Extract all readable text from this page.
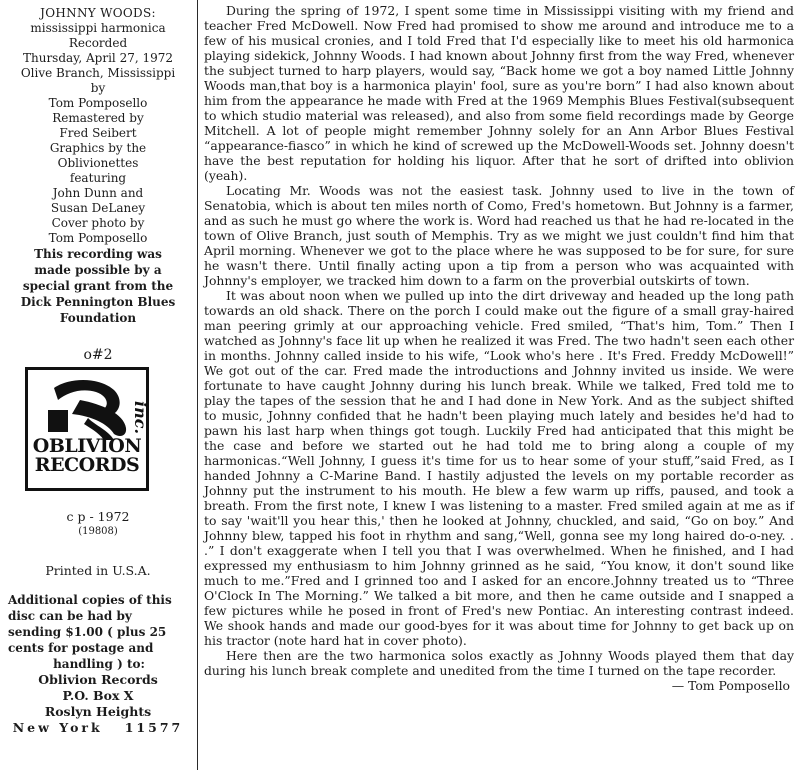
JOHNNY WOODS:
mississippi harmonica
Recorded
Thursday, April 27, 1972
Olive Branch, Mississippi
by
Tom Pomposello
Remastered by
Fred Seibert
Graphics by the
Oblivionettes
featuring
John Dunn and
Susan DeLaney
Cover photo by
Tom Pomposello
This recording was
made possible by a
special grant from the
Dick Pennington Blues
Foundation
o#2
OBLIVION
RECORDS
inc.
c p - 1972
(19808)
Printed in U.S.A.
Additional copies of this
disc can be had by
sending $1.00 ( plus 25
cents for postage and
handling ) to:
Oblivion Records
P.O. Box X
Roslyn Heights
New York 11577

During the spring of 1972, I spent some time in Mississippi visiting with my friend and teacher Fred McDowell. Now Fred had promised to show me around and introduce me to a few of his musical cronies, and I told Fred that I'd especially like to meet his old harmonica playing sidekick, Johnny Woods. I had known about Johnny first from the way Fred, whenever the subject turned to harp players, would say, “Back home we got a boy named Little Johnny Woods man,that boy is a harmonica playin' fool, sure as you're born” I had also known about him from the appearance he made with Fred at the 1969 Memphis Blues Festival(subsequent to which studio material was released), and also from some field recordings made by George Mitchell. A lot of people might remember Johnny solely for an Ann Arbor Blues Festival “appearance-fiasco” in which he kind of screwed up the McDowell-Woods set. Johnny doesn't have the best reputation for holding his liquor. After that he sort of drifted into oblivion (yeah).

Locating Mr. Woods was not the easiest task. Johnny used to live in the town of Senatobia, which is about ten miles north of Como, Fred's hometown. But Johnny is a farmer, and as such he must go where the work is. Word had reached us that he had re-located in the town of Olive Branch, just south of Memphis. Try as we might we just couldn't find him that April morning. Whenever we got to the place where he was supposed to be for sure, for sure he wasn't there. Until finally acting upon a tip from a person who was acquainted with Johnny's employer, we tracked him down to a farm on the proverbial outskirts of town.

It was about noon when we pulled up into the dirt driveway and headed up the long path towards an old shack. There on the porch I could make out the figure of a small gray-haired man peering grimly at our approaching vehicle. Fred smiled, “That's him, Tom.” Then I watched as Johnny's face lit up when he realized it was Fred. The two hadn't seen each other in months. Johnny called inside to his wife, “Look who's here . It's Fred. Freddy McDowell!” We got out of the car. Fred made the introductions and Johnny invited us inside. We were fortunate to have caught Johnny during his lunch break. While we talked, Fred told me to play the tapes of the session that he and I had done in New York. And as the subject shifted to music, Johnny confided that he hadn't been playing much lately and besides he'd had to pawn his last harp when things got tough. Luckily Fred had anticipated that this might be the case and before we started out he had told me to bring along a couple of my harmonicas.“Well Johnny, I guess it's time for us to hear some of your stuff,”said Fred, as I handed Johnny a C-Marine Band. I hastily adjusted the levels on my portable recorder as Johnny put the instrument to his mouth. He blew a few warm up riffs, paused, and took a breath. From the first note, I knew I was listening to a master. Fred smiled again at me as if to say 'wait'll you hear this,' then he looked at Johnny, chuckled, and said, “Go on boy.” And Johnny blew, tapped his foot in rhythm and sang,“Well, gonna see my long haired do-o-ney. . .” I don't exaggerate when I tell you that I was overwhelmed. When he finished, and I had expressed my enthusiasm to him Johnny grinned as he said, “You know, it don't sound like much to me.”Fred and I grinned too and I asked for an encore.Johnny treated us to “Three O'Clock In The Morning.” We talked a bit more, and then he came outside and I snapped a few pictures while he posed in front of Fred's new Pontiac. An interesting contrast indeed. We shook hands and made our good-byes for it was about time for Johnny to get back up on his tractor (note hard hat in cover photo).

Here then are the two harmonica solos exactly as Johnny Woods played them that day during his lunch break complete and unedited from the time I turned on the tape recorder.

— Tom Pomposello
